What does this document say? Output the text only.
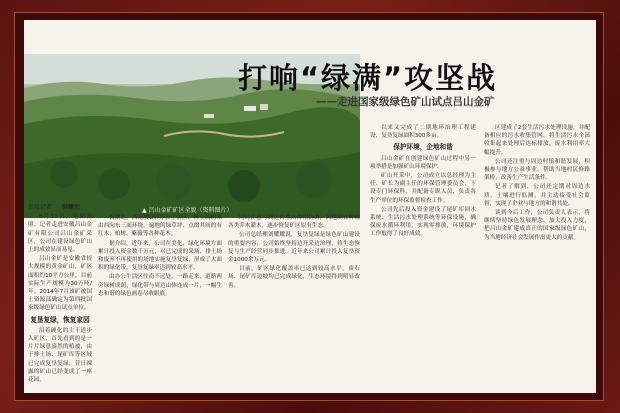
▲ 吕山金矿矿区全貌（资料图片）
打响“绿满”攻坚战
——走进国家级绿色矿山试点吕山金矿

首席记者 洪曙光

8月11日，艳阳高照。记者走进安徽吕山金矿有限公司吕山金矿采区，公司在建设绿色矿山上的成效显而易见。

吕山金矿是安徽省较大规模的黄金矿山，矿区面积约10平方公里，目前实际生产规模为30万吨/年。2014年7月该矿被国土资源部确定为第四批国家级绿色矿山试点单位。

复垦复绿，恢复家园

沿着硬化的主干道步入矿区，首先看到的是一片片绿意盎然的植被，由于排土场、尾矿库等区域已完成复垦复绿，昔日裸露的矿山已经变成了一座花园。

首期北，西南坡U形办公生活区、林立的树木由西向东三面环绕，遍地的绿草坪、点缀其间的有红木、柏树、紫薇等各种花木。

据介绍，近年来，公司在美化、绿化环境方面累计投入资金数千万元，对已完成的采场、排土场和废弃不再使用的场地实施复垦复绿，形成了大面积的绿化带，复垦复绿率达到较高水平。

由办公生活区往南不远处，一路走来，道路两旁绿树成荫，绿化带与周边山体连成一片，一幅生态和谐的绿色画卷尽收眼底。

同时注意与周边自然山体相协调，因地制宜种植各类乔木灌木，逐步恢复矿区原有生态。

公司总经理刘耀耀说，复垦复绿是绿色矿山建设的重要内容，公司始终坚持边开采边治理，将生态恢复与生产经营同步推进。近年来公司累计投入复垦资金1000余万元。

目前，矿区绿化覆盖率已达到较高水平，废石场、尾矿库边坡均已完成绿化，生态环境得到明显改善。

以来又完成了二期地环治理工程建设，复垦复绿面积300多亩。

保护环境，企地和谐

吕山金矿在创建绿色矿山过程中另一项举措是加强矿山环境保护。

矿山开采中，公司成立以总经理为主任、矿长为副主任的环保管理委员会，下设专门环保科，并配备专职人员，负责各生产单位的环保监督检查工作。

公司先后投入资金建设了尾矿库回水系统、生活污水处理系统等环保设施，确保废水循环利用，实现零排放，环境保护工作取得了良好成效。

区建成了2套生活污水处理设施，并配备相应的污水收集管网，将生活污水全部收集起来处理后达标排放，废水利用率大幅提升。

公司还注重与周边村镇和谐发展，积极参与地方公益事业，帮助当地村民修路架桥，改善生产生活条件。

记者了解到，公司还定期对周边水质、土壤进行监测，并主动接受社会监督，实现了企业与地方的和谐共处。

谈到今后工作，公司负责人表示，将继续坚持绿色发展理念，加大投入力度，把吕山金矿建成真正的国家级绿色矿山，为当地经济社会发展作出更大的贡献。
